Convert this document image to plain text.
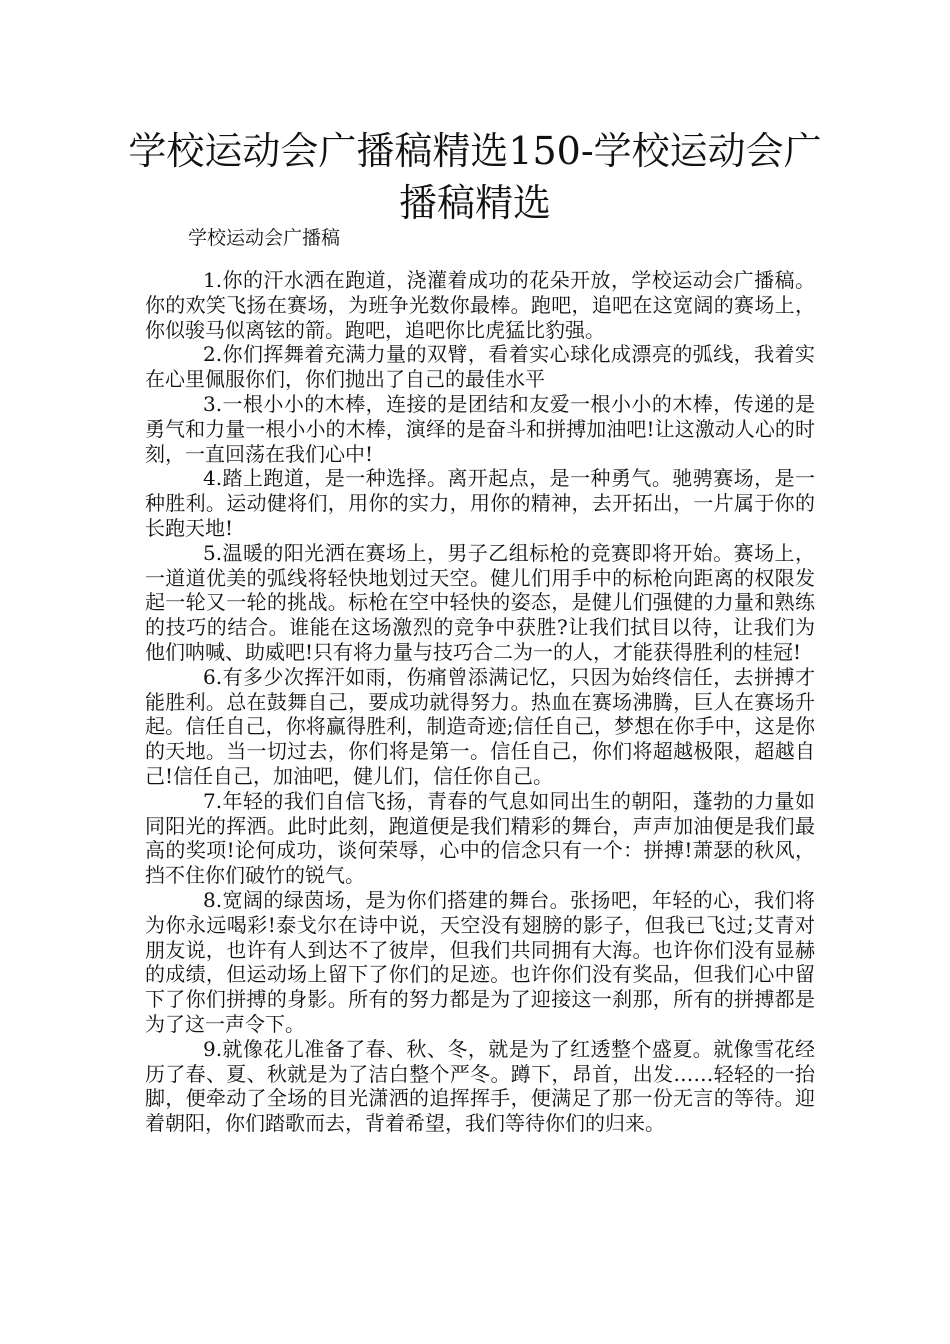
学校运动会广播稿精选150-学校运动会广播稿精选

学校运动会广播稿

1.你的汗水洒在跑道，浇灌着成功的花朵开放，学校运动会广播稿。你的欢笑飞扬在赛场，为班争光数你最棒。跑吧，追吧在这宽阔的赛场上，你似骏马似离铉的箭。跑吧，追吧你比虎猛比豹强。

2.你们挥舞着充满力量的双臂，看着实心球化成漂亮的弧线，我着实在心里佩服你们，你们抛出了自己的最佳水平

3.一根小小的木棒，连接的是团结和友爱一根小小的木棒，传递的是勇气和力量一根小小的木棒，演绎的是奋斗和拼搏加油吧!让这激动人心的时刻，一直回荡在我们心中!

4.踏上跑道，是一种选择。离开起点，是一种勇气。驰骋赛场，是一种胜利。运动健将们，用你的实力，用你的精神，去开拓出，一片属于你的长跑天地!

5.温暖的阳光洒在赛场上，男子乙组标枪的竞赛即将开始。赛场上，一道道优美的弧线将轻快地划过天空。健儿们用手中的标枪向距离的权限发起一轮又一轮的挑战。标枪在空中轻快的姿态，是健儿们强健的力量和熟练的技巧的结合。谁能在这场激烈的竞争中获胜?让我们拭目以待，让我们为他们呐喊、助威吧!只有将力量与技巧合二为一的人，才能获得胜利的桂冠!

6.有多少次挥汗如雨，伤痛曾添满记忆，只因为始终信任，去拼搏才能胜利。总在鼓舞自己，要成功就得努力。热血在赛场沸腾，巨人在赛场升起。信任自己，你将赢得胜利，制造奇迹;信任自己，梦想在你手中，这是你的天地。当一切过去，你们将是第一。信任自己，你们将超越极限，超越自己!信任自己，加油吧，健儿们，信任你自己。

7.年轻的我们自信飞扬，青春的气息如同出生的朝阳，蓬勃的力量如同阳光的挥洒。此时此刻，跑道便是我们精彩的舞台，声声加油便是我们最高的奖项!论何成功，谈何荣辱，心中的信念只有一个：拼搏!萧瑟的秋风，挡不住你们破竹的锐气。

8.宽阔的绿茵场，是为你们搭建的舞台。张扬吧，年轻的心，我们将为你永远喝彩!泰戈尔在诗中说，天空没有翅膀的影子，但我已飞过;艾青对朋友说，也许有人到达不了彼岸，但我们共同拥有大海。也许你们没有显赫的成绩，但运动场上留下了你们的足迹。也许你们没有奖品，但我们心中留下了你们拼搏的身影。所有的努力都是为了迎接这一刹那，所有的拼搏都是为了这一声令下。

9.就像花儿准备了春、秋、冬，就是为了红透整个盛夏。就像雪花经历了春、夏、秋就是为了洁白整个严冬。蹲下，昂首，出发……轻轻的一抬脚，便牵动了全场的目光潇洒的追挥挥手，便满足了那一份无言的等待。迎着朝阳，你们踏歌而去，背着希望，我们等待你们的归来。
